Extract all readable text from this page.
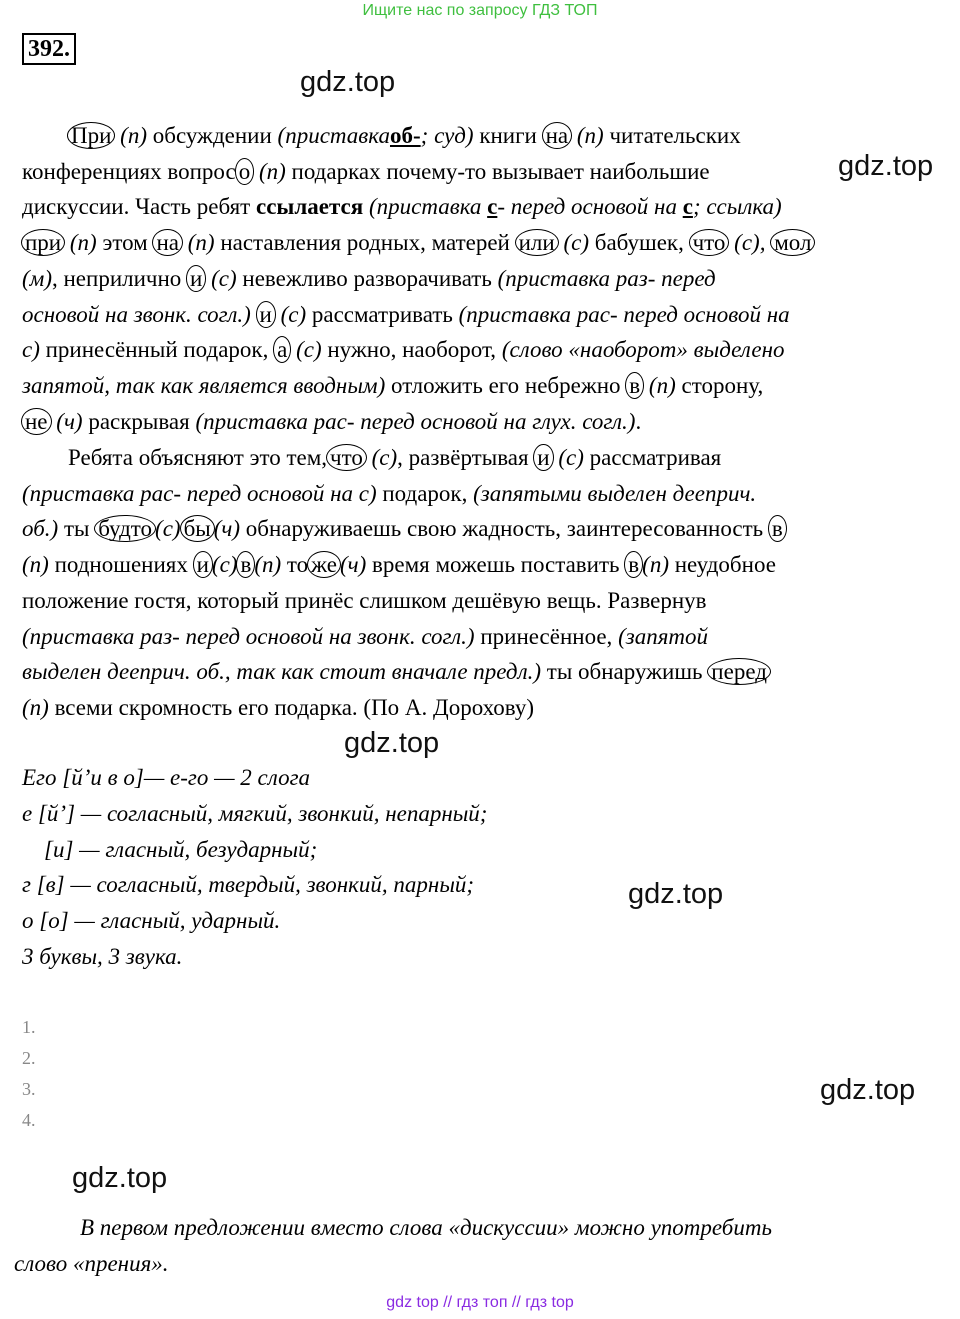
Ищите нас по запросу ГДЗ ТОП
392.
gdz.top
gdz.top
gdz.top
gdz.top
gdz.top
gdz.top
При (п) обсуждении (приставкаоб-; суд) книги на (п) читательских
конференциях вопрос о (п) подарках почему-то вызывает наибольшие
дискуссии. Часть ребят ссылается (приставка с- перед основой на с; ссылка)
при (п) этом на (п) наставления родных, матерей или (с) бабушек, что (с), мол
(м), неприлично и (с) невежливо разворачивать (приставка раз- перед
основой на звонк. согл.) и (с) рассматривать (приставка рас- перед основой на
с) принесённый подарок, а (с) нужно, наоборот, (слово «наоборот» выделено
запятой, так как является вводным) отложить его небрежно в (п) сторону,
не (ч) раскрывая (приставка рас- перед основой на глух. согл.).
Ребята объясняют это тем, что (с), развёртывая и (с) рассматривая
(приставка рас- перед основой на с) подарок, (запятыми выделен дееприч.
об.) ты будто (с) бы (ч) обнаруживаешь свою жадность, заинтересованность в
(п) подношениях и (с) в (п) то же (ч) время можешь поставить в (п) неудобное
положение гостя, который принёс слишком дешёвую вещь. Развернув
(приставка раз- перед основой на звонк. согл.) принесённое, (запятой
выделен дееприч. об., так как стоит вначале предл.) ты обнаружишь перед
(п) всеми скромность его подарка. (По А. Дорохову)
Его [й’и в о]— е-го — 2 слога
е [й’] — согласный, мягкий, звонкий, непарный;
[и] — гласный, безударный;
г [в] — согласный, твердый, звонкий, парный;
о [о] — гласный, ударный.
3 буквы, 3 звука.
1.
2.
3.
4.
В первом предложении вместо слова «дискуссии» можно употребить
слово «прения».
gdz top // гдз топ // гдз top
